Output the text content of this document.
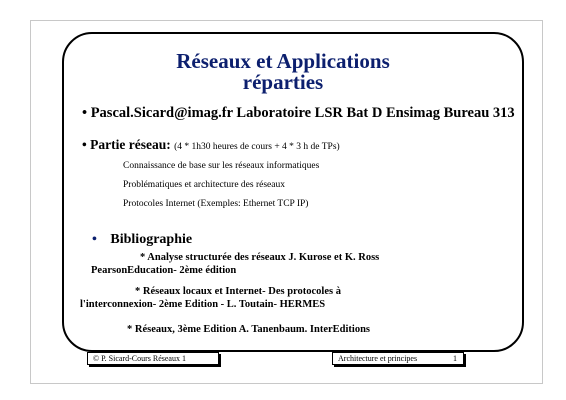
Réseaux et Applications
réparties
• Pascal.Sicard@imag.fr Laboratoire LSR Bat D Ensimag Bureau 313
• Partie réseau: (4 * 1h30 heures de cours + 4 * 3 h de TPs)
Connaissance de base sur les réseaux informatiques
Problématiques et architecture des réseaux
Protocoles Internet (Exemples: Ethernet TCP IP)
• Bibliographie
* Analyse structurée des réseaux J. Kurose et K. Ross
PearsonEducation- 2ème édition
* Réseaux locaux et Internet- Des protocoles à
l'interconnexion- 2ème Edition - L. Toutain- HERMES
* Réseaux, 3ème Edition A. Tanenbaum. InterEditions
© P. Sicard-Cours Réseaux 1	Architecture et principes	1
